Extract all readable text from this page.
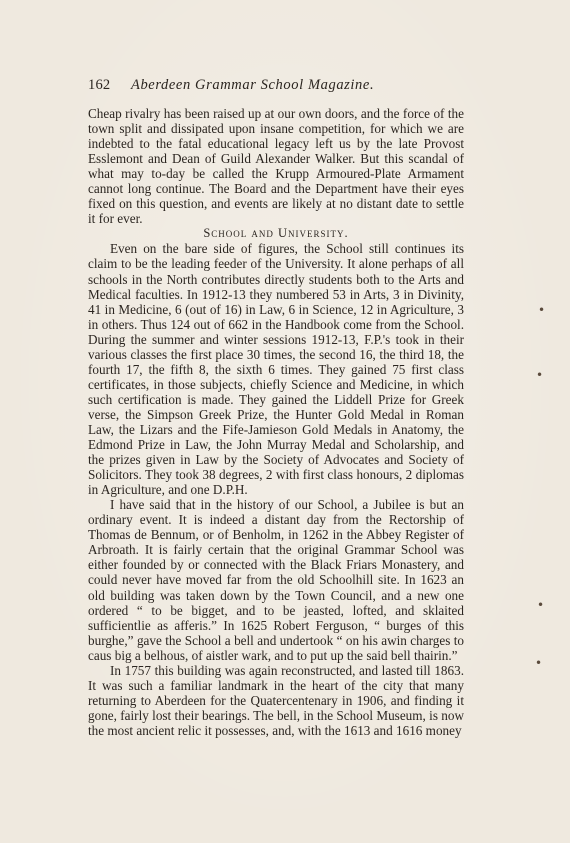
162 Aberdeen Grammar School Magazine.

Cheap rivalry has been raised up at our own doors, and the force of the town split and dissipated upon insane competition, for which we are indebted to the fatal educational legacy left us by the late Provost Esslemont and Dean of Guild Alexander Walker. But this scandal of what may to-day be called the Krupp Armoured-Plate Armament cannot long continue. The Board and the Department have their eyes fixed on this question, and events are likely at no distant date to settle it for ever.

School and University.

Even on the bare side of figures, the School still continues its claim to be the leading feeder of the University. It alone perhaps of all schools in the North contributes directly students both to the Arts and Medical faculties. In 1912-13 they numbered 53 in Arts, 3 in Divinity, 41 in Medicine, 6 (out of 16) in Law, 6 in Science, 12 in Agriculture, 3 in others. Thus 124 out of 662 in the Handbook come from the School. During the summer and winter sessions 1912-13, F.P.'s took in their various classes the first place 30 times, the second 16, the third 18, the fourth 17, the fifth 8, the sixth 6 times. They gained 75 first class certificates, in those subjects, chiefly Science and Medicine, in which such certification is made. They gained the Liddell Prize for Greek verse, the Simpson Greek Prize, the Hunter Gold Medal in Roman Law, the Lizars and the Fife-Jamieson Gold Medals in Anatomy, the Edmond Prize in Law, the John Murray Medal and Scholarship, and the prizes given in Law by the Society of Advocates and Society of Solicitors. They took 38 degrees, 2 with first class honours, 2 diplomas in Agriculture, and one D.P.H.

I have said that in the history of our School, a Jubilee is but an ordinary event. It is indeed a distant day from the Rectorship of Thomas de Bennum, or of Benholm, in 1262 in the Abbey Register of Arbroath. It is fairly certain that the original Grammar School was either founded by or connected with the Black Friars Monastery, and could never have moved far from the old Schoolhill site. In 1623 an old building was taken down by the Town Council, and a new one ordered “ to be bigget, and to be jeasted, lofted, and sklaited sufficientlie as afferis.” In 1625 Robert Ferguson, “ burges of this burghe,” gave the School a bell and undertook “ on his awin charges to caus big a belhous, of aistler wark, and to put up the said bell thairin.”

In 1757 this building was again reconstructed, and lasted till 1863. It was such a familiar landmark in the heart of the city that many returning to Aberdeen for the Quatercentenary in 1906, and finding it gone, fairly lost their bearings. The bell, in the School Museum, is now the most ancient relic it possesses, and, with the 1613 and 1616 money

•
•
•
•
